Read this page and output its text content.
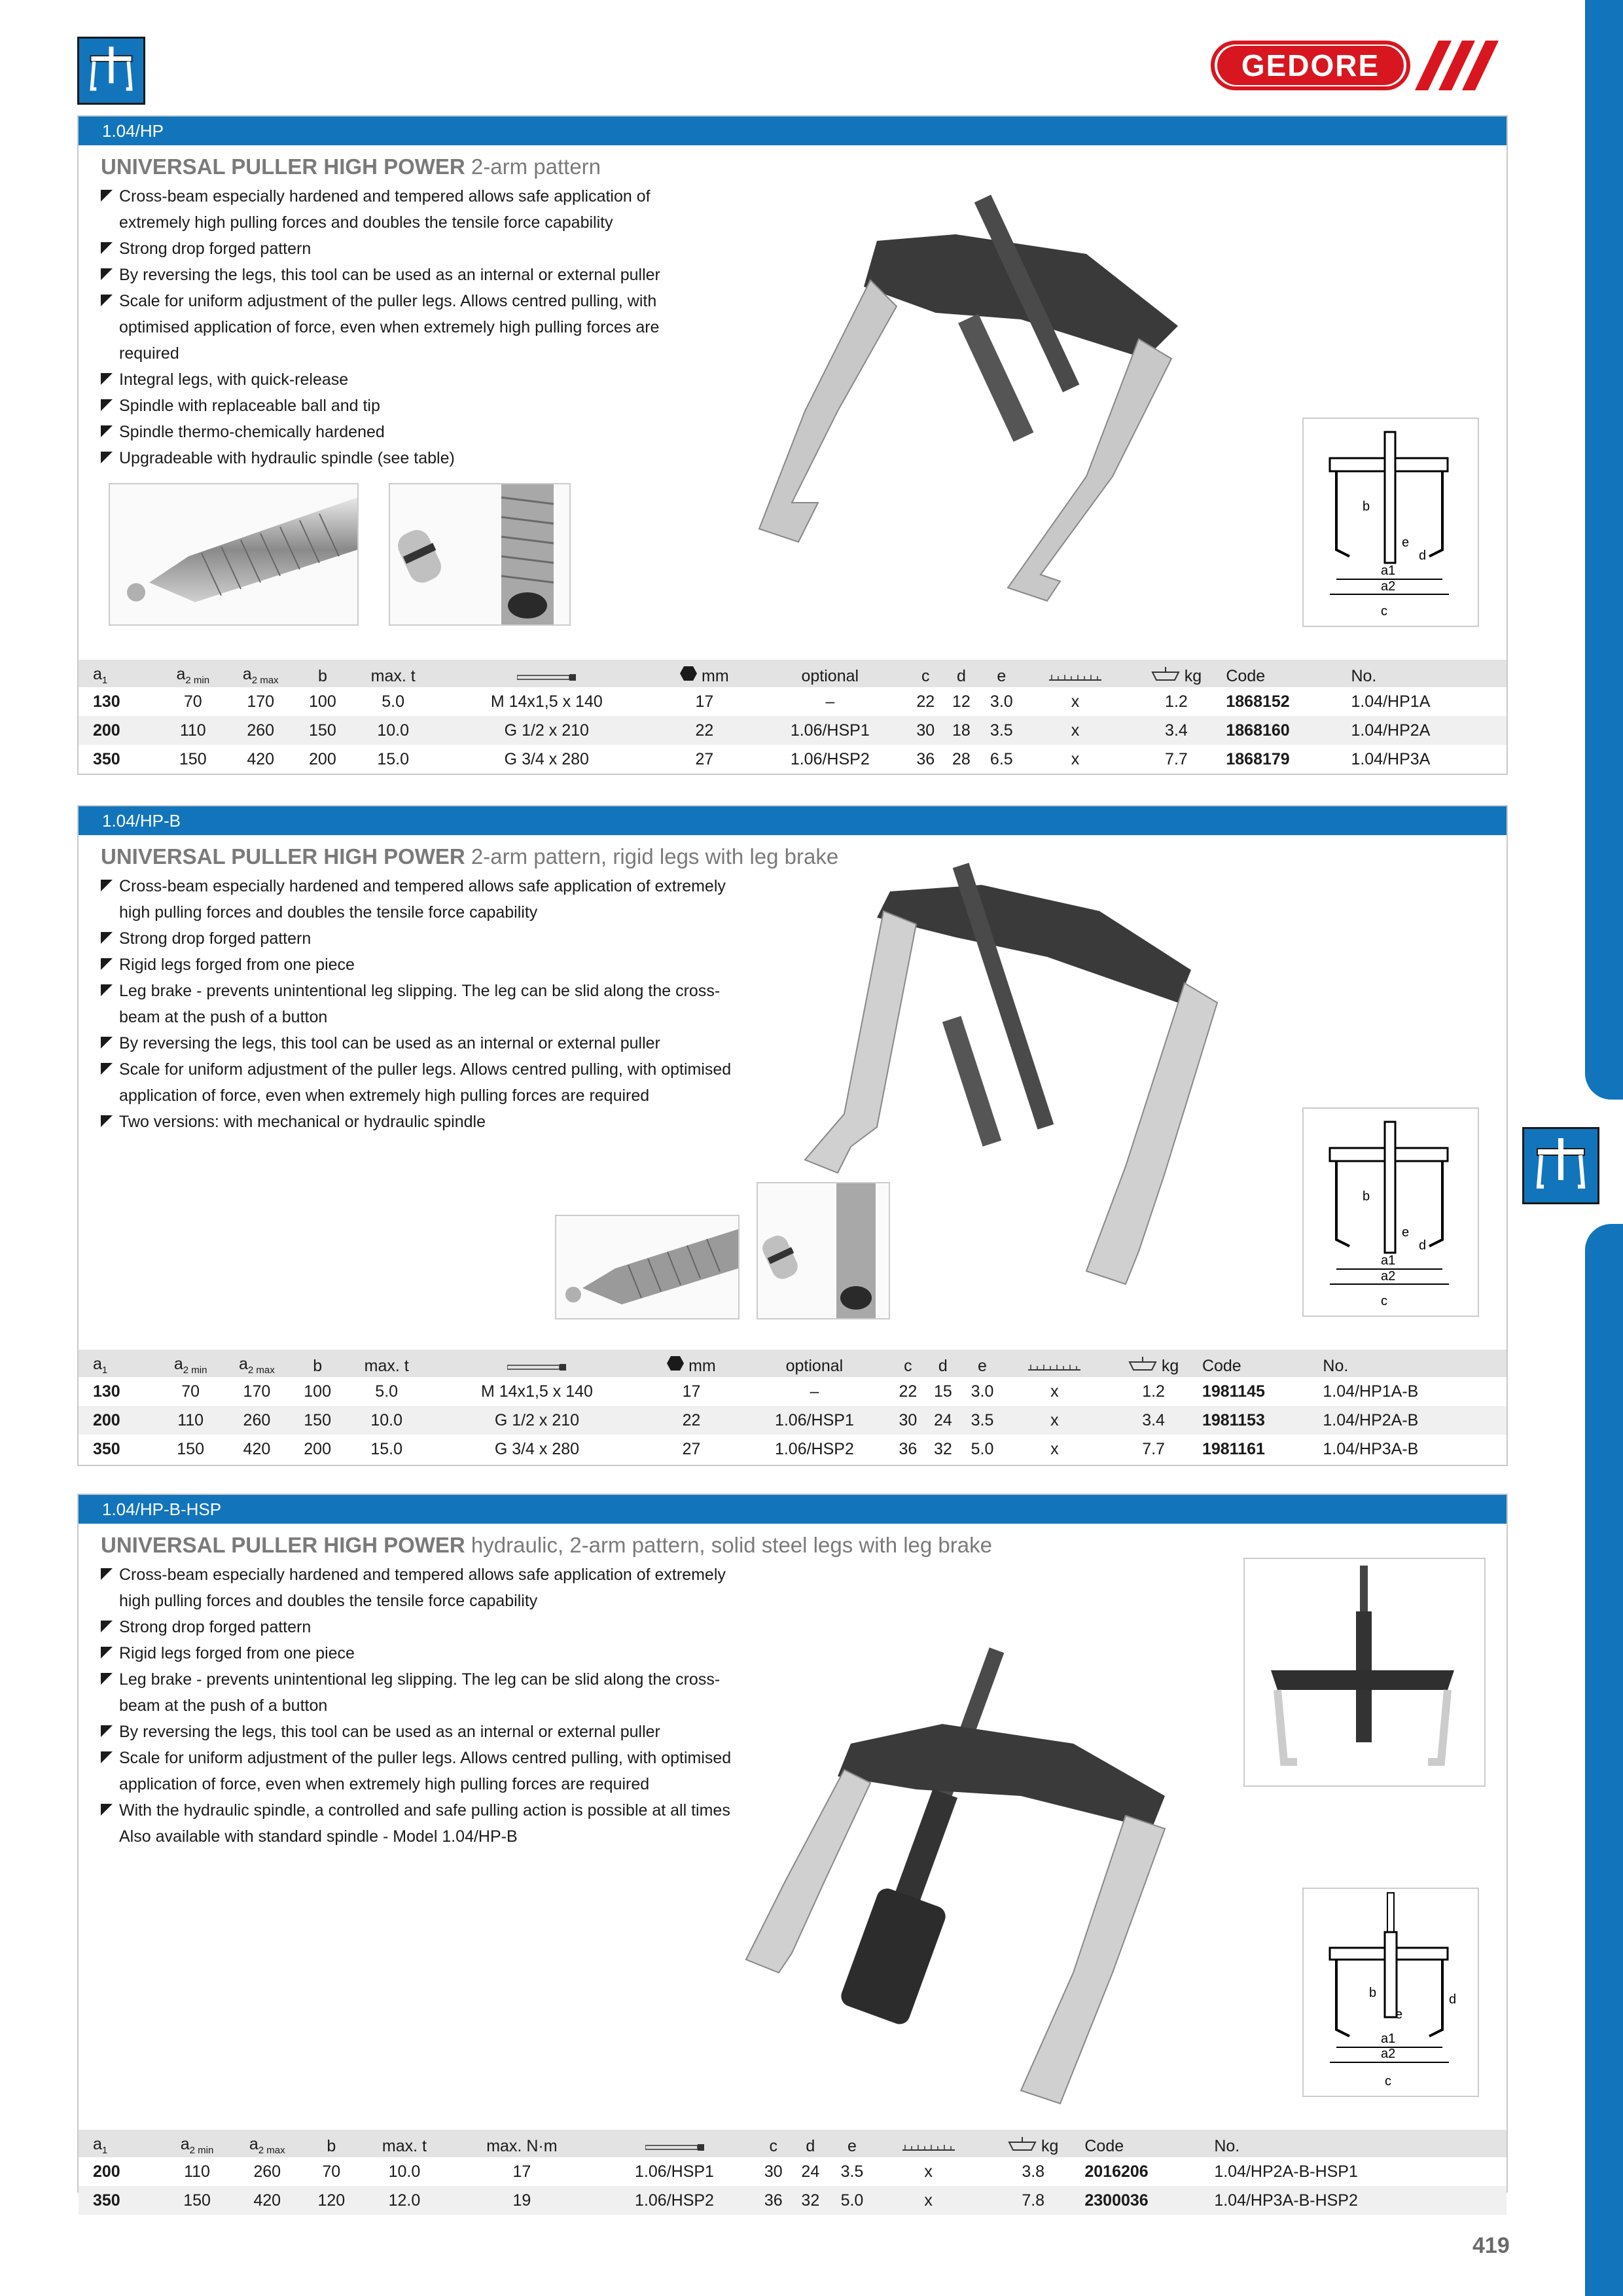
GEDORE
1.04/HP
UNIVERSAL PULLER HIGH POWER 2-arm pattern
Cross-beam especially hardened and tempered allows safe application of extremely high pulling forces and doubles the tensile force capability
Strong drop forged pattern
By reversing the legs, this tool can be used as an internal or external puller
Scale for uniform adjustment of the puller legs. Allows centred pulling, with optimised application of force, even when extremely high pulling forces are required
Integral legs, with quick-release
Spindle with replaceable ball and tip
Spindle thermo-chemically hardened
Upgradeable with hydraulic spindle (see table)
b
e
d
a1
a2
c
$a_1$	$a_{2 min}$	$a_{2 max}$	b	max. t		mm	optional	c	d	e		kg	Code	No.
130	70	170	100	5.0	M 14x1,5 x 140	17	–	22	12	3.0	x	1.2	1868152	1.04/HP1A
200	110	260	150	10.0	G 1/2 x 210	22	1.06/HSP1	30	18	3.5	x	3.4	1868160	1.04/HP2A
350	150	420	200	15.0	G 3/4 x 280	27	1.06/HSP2	36	28	6.5	x	7.7	1868179	1.04/HP3A
1.04/HP-B
UNIVERSAL PULLER HIGH POWER 2-arm pattern, rigid legs with leg brake
Cross-beam especially hardened and tempered allows safe application of extremely high pulling forces and doubles the tensile force capability
Strong drop forged pattern
Rigid legs forged from one piece
Leg brake - prevents unintentional leg slipping. The leg can be slid along the cross-beam at the push of a button
By reversing the legs, this tool can be used as an internal or external puller
Scale for uniform adjustment of the puller legs. Allows centred pulling, with optimised application of force, even when extremely high pulling forces are required
Two versions: with mechanical or hydraulic spindle
b
e
d
a1
a2
c
$a_1$	$a_{2 min}$	$a_{2 max}$	b	max. t		mm	optional	c	d	e		kg	Code	No.
130	70	170	100	5.0	M 14x1,5 x 140	17	–	22	15	3.0	x	1.2	1981145	1.04/HP1A-B
200	110	260	150	10.0	G 1/2 x 210	22	1.06/HSP1	30	24	3.5	x	3.4	1981153	1.04/HP2A-B
350	150	420	200	15.0	G 3/4 x 280	27	1.06/HSP2	36	32	5.0	x	7.7	1981161	1.04/HP3A-B
1.04/HP-B-HSP
UNIVERSAL PULLER HIGH POWER hydraulic, 2-arm pattern, solid steel legs with leg brake
Cross-beam especially hardened and tempered allows safe application of extremely high pulling forces and doubles the tensile force capability
Strong drop forged pattern
Rigid legs forged from one piece
Leg brake - prevents unintentional leg slipping. The leg can be slid along the cross-beam at the push of a button
By reversing the legs, this tool can be used as an internal or external puller
Scale for uniform adjustment of the puller legs. Allows centred pulling, with optimised application of force, even when extremely high pulling forces are required
With the hydraulic spindle, a controlled and safe pulling action is possible at all times Also available with standard spindle - Model 1.04/HP-B
b
e
d
a1
a2
c
$a_1$	$a_{2 min}$	$a_{2 max}$	b	max. t	max. N·m		c	d	e		kg	Code	No.
200	110	260	70	10.0	17	1.06/HSP1	30	24	3.5	x	3.8	2016206	1.04/HP2A-B-HSP1
350	150	420	120	12.0	19	1.06/HSP2	36	32	5.0	x	7.8	2300036	1.04/HP3A-B-HSP2
419
